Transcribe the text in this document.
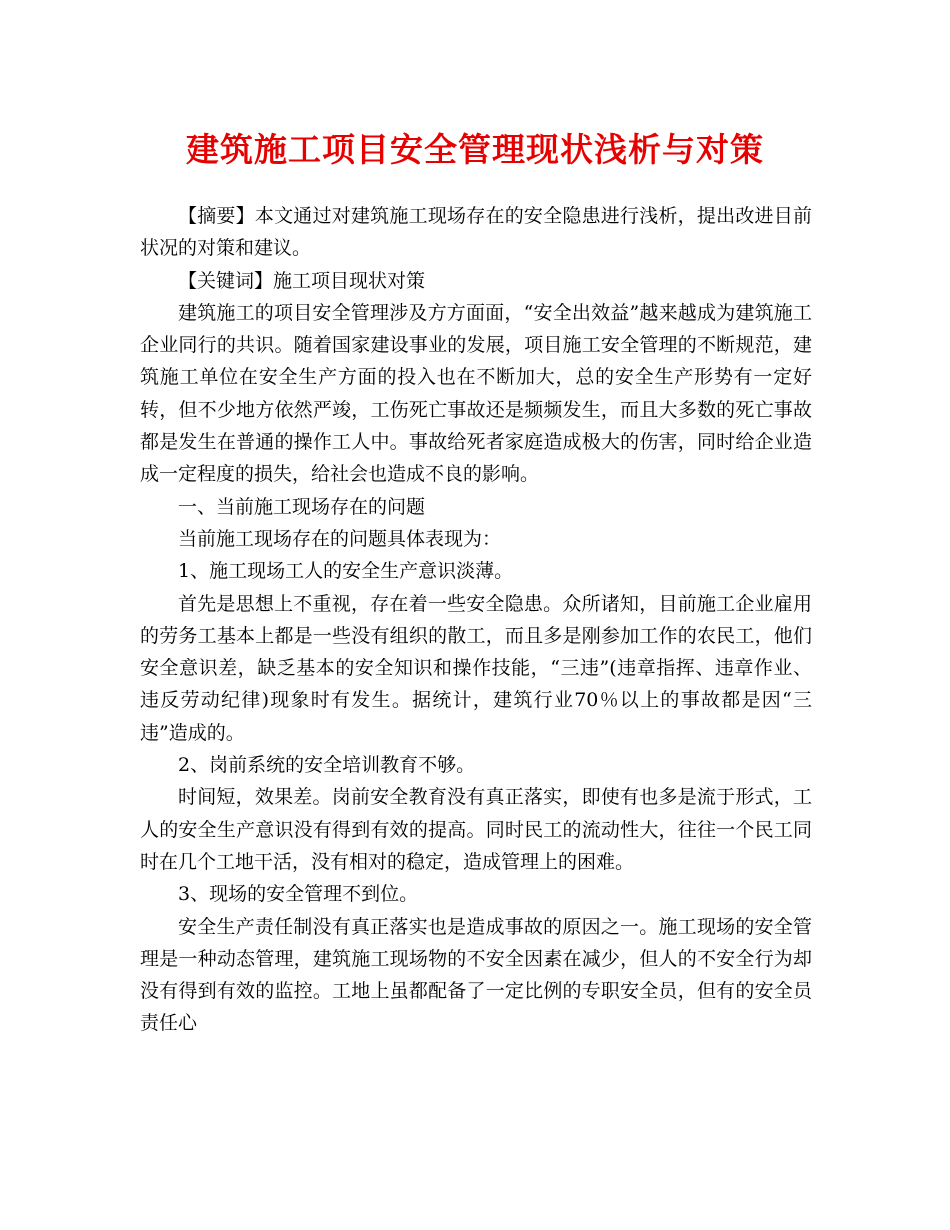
建筑施工项目安全管理现状浅析与对策

【摘要】本文通过对建筑施工现场存在的安全隐患进行浅析，提出改进目前状况的对策和建议。

【关键词】施工项目现状对策

建筑施工的项目安全管理涉及方方面面，“安全出效益”越来越成为建筑施工企业同行的共识。随着国家建设事业的发展，项目施工安全管理的不断规范，建筑施工单位在安全生产方面的投入也在不断加大，总的安全生产形势有一定好转，但不少地方依然严竣，工伤死亡事故还是频频发生，而且大多数的死亡事故都是发生在普通的操作工人中。事故给死者家庭造成极大的伤害，同时给企业造成一定程度的损失，给社会也造成不良的影响。

一、当前施工现场存在的问题

当前施工现场存在的问题具体表现为：

1、施工现场工人的安全生产意识淡薄。

首先是思想上不重视，存在着一些安全隐患。众所诸知，目前施工企业雇用的劳务工基本上都是一些没有组织的散工，而且多是刚参加工作的农民工，他们安全意识差，缺乏基本的安全知识和操作技能，“三违”(违章指挥、违章作业、违反劳动纪律)现象时有发生。据统计，建筑行业70％以上的事故都是因“三违”造成的。

2、岗前系统的安全培训教育不够。

时间短，效果差。岗前安全教育没有真正落实，即使有也多是流于形式，工人的安全生产意识没有得到有效的提高。同时民工的流动性大，往往一个民工同时在几个工地干活，没有相对的稳定，造成管理上的困难。

3、现场的安全管理不到位。

安全生产责任制没有真正落实也是造成事故的原因之一。施工现场的安全管理是一种动态管理，建筑施工现场物的不安全因素在减少，但人的不安全行为却没有得到有效的监控。工地上虽都配备了一定比例的专职安全员，但有的安全员责任心
